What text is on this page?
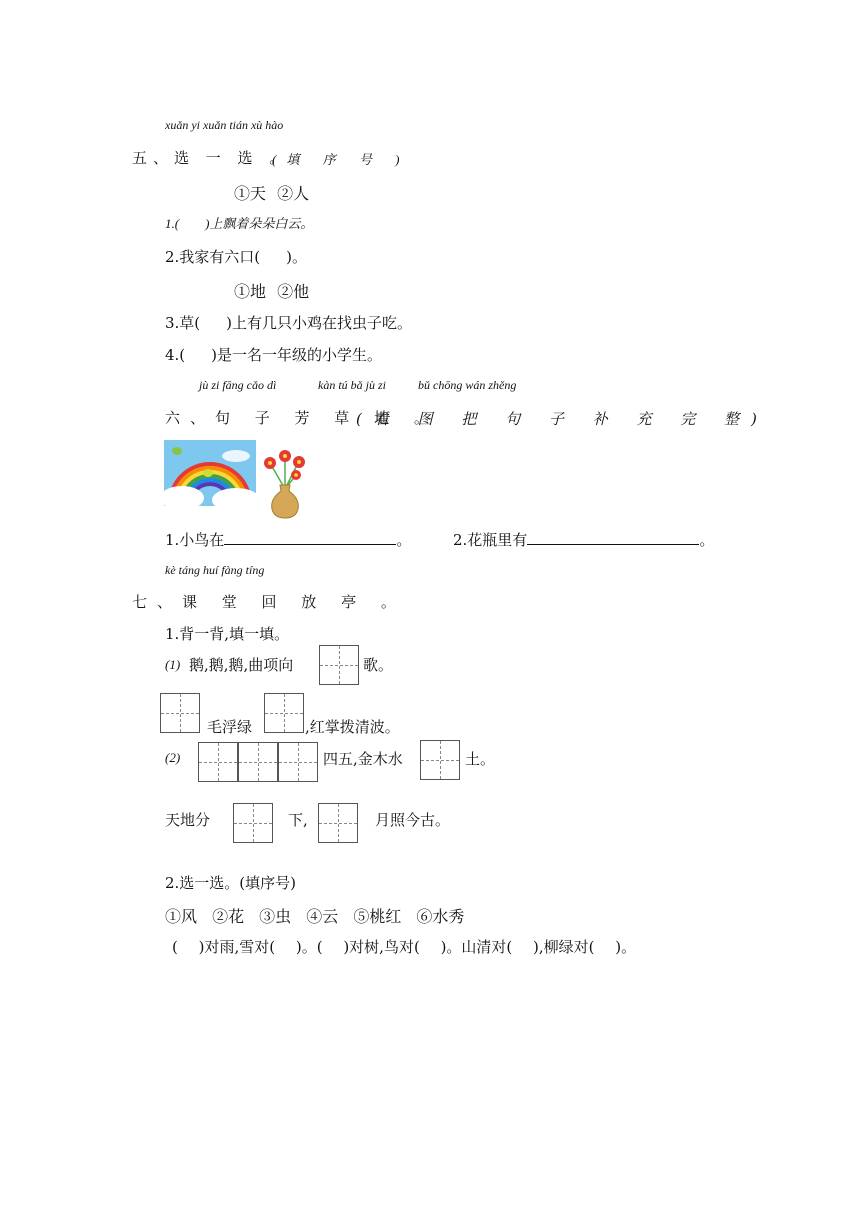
xuǎn yi xuǎn tián xù hào
五、选 一 选 。
(填 序 号 )
①天 ②人
1.( )上飘着朵朵白云。
2.我家有六口( )。
①地 ②他
3.草( )上有几只小鸡在找虫子吃。
4.( )是一名一年级的小学生。
jù zi fāng cǎo dì	kàn tú bǎ jù zi	bǔ chōng wán zhěng
六、句 子 芳 草 地 。
(看 图 把 句 子 补 充 完 整)
1.小鸟在	。	2.花瓶里有	。
kè táng huí fàng tíng
七、课 堂 回 放 亭 。
1.背一背,填一填。
(1) 鹅,鹅,鹅,曲项向	歌。
毛浮绿	,红掌拨清波。
(2)	四五,金木水	土。
天地分	下,	月照今古。
2.选一选。(填序号)
①风 ②花 ③虫 ④云 ⑤桃红 ⑥水秀
( )对雨,雪对( )。( )对树,鸟对( )。山清对( ),柳绿对( )。
